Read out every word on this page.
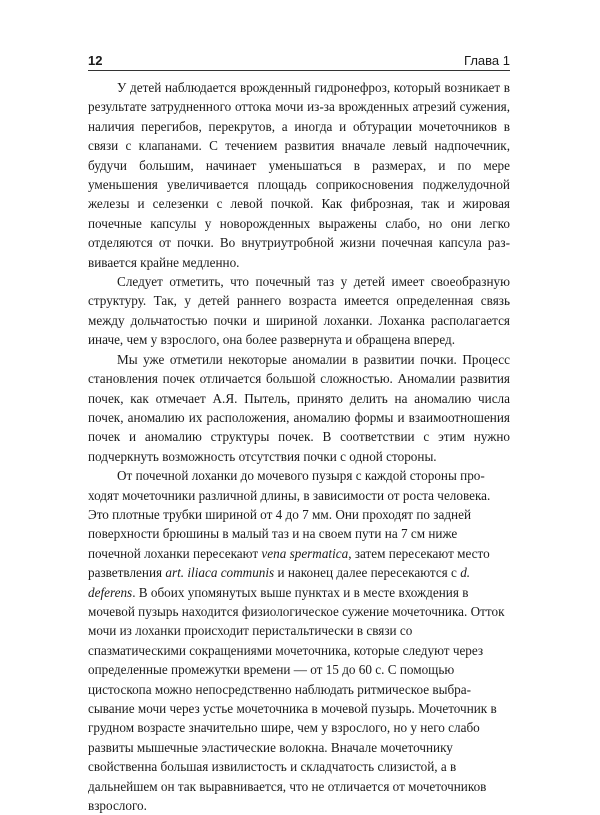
12	Глава 1

У детей наблюдается врожденный гидронефроз, который возникает в результате затрудненного оттока мочи из-за врожденных атрезий сужения, наличия перегибов, перекрутов, а иногда и обтурации мочеточников в связи с клапанами. С течением развития вначале левый надпочечник, будучи большим, начинает уменьшаться в размерах, и по мере уменьшения увеличивается площадь соприкосновения поджелудочной железы и селезенки с левой почкой. Как фиброзная, так и жировая почечные капсулы у новорожденных выражены слабо, но они легко отделяются от почки. Во внутриутробной жизни почечная капсула развивается крайне медленно.

Следует отметить, что почечный таз у детей имеет своеобразную структуру. Так, у детей раннего возраста имеется определенная связь между дольчатостью почки и шириной лоханки. Лоханка располагается иначе, чем у взрослого, она более развернута и обращена вперед.

Мы уже отметили некоторые аномалии в развитии почки. Процесс становления почек отличается большой сложностью. Аномалии развития почек, как отмечает А.Я. Пытель, принято делить на аномалию числа почек, аномалию их расположения, аномалию формы и взаимоотношения почек и аномалию структуры почек. В соответствии с этим нужно подчеркнуть возможность отсутствия почки с одной стороны.

От почечной лоханки до мочевого пузыря с каждой стороны проходят мочеточники различной длины, в зависимости от роста человека. Это плотные трубки шириной от 4 до 7 мм. Они проходят по задней поверхности брюшины в малый таз и на своем пути на 7 см ниже почечной лоханки пересекают vena spermatica, затем пересекают место разветвления art. iliaca communis и наконец далее пересекаются с d. deferens. В обоих упомянутых выше пунктах и в месте вхождения в мочевой пузырь находится физиологическое сужение мочеточника. Отток мочи из лоханки происходит перистальтически в связи со спазматическими сокращениями мочеточника, которые следуют через определенные промежутки времени — от 15 до 60 с. С помощью цистоскопа можно непосредственно наблюдать ритмическое выбрасывание мочи через устье мочеточника в мочевой пузырь. Мочеточник в грудном возрасте значительно шире, чем у взрослого, но у него слабо развиты мышечные эластические волокна. Вначале мочеточнику свойственна большая извилистость и складчатость слизистой, а в дальнейшем он так выравнивается, что не отличается от мочеточников взрослого.
